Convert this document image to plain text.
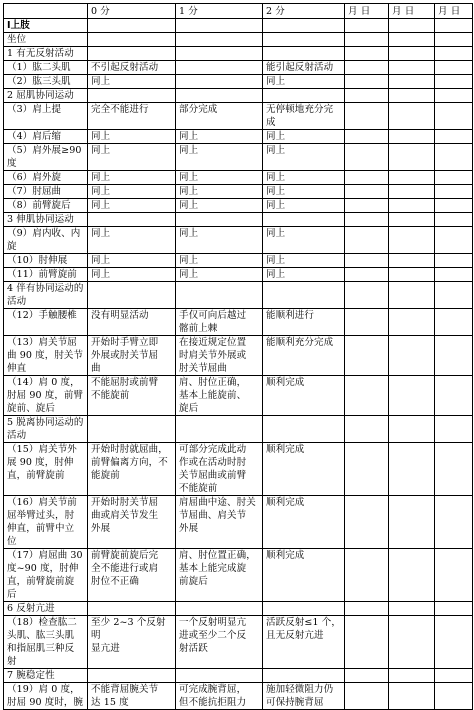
	0 分	1 分	2 分	月 日	月 日	月 日
Ⅰ上肢						
坐位						
1 有无反射活动						
（1）肱二头肌	不引起反射活动		能引起反射活动			
（2）肱三头肌	同上		同上			
2 屈肌协同运动						
（3）肩上提	完全不能进行	部分完成	无停顿地充分完
成			
（4）肩后缩	同上	同上	同上			
（5）肩外展≥90
度	同上	同上	同上			
（6）肩外旋	同上	同上	同上			
（7）肘屈曲	同上	同上	同上			
（8）前臂旋后	同上	同上	同上			
3 伸肌协同运动						
（9）肩内收、内
旋	同上	同上	同上			
（10）肘伸展	同上	同上	同上			
（11）前臂旋前	同上	同上	同上			
4 伴有协同运动的活动						
（12）手触腰椎	没有明显活动	手仅可向后越过
髂前上棘	能顺利进行			
（13）肩关节屈
曲 90 度，肘关节
伸直	开始时手臂立即
外展或肘关节屈
曲	在接近规定位置
时肩关节外展或
肘关节屈曲	能顺利充分完成			
（14）肩 0 度，
肘屈 90 度，前臂
旋前、旋后	不能屈肘或前臂
不能旋前	肩、肘位正确，
基本上能旋前、
旋后	顺利完成			
5 脱离协同运动的活动						
（15）肩关节外
展 90 度，肘伸
直，前臂旋前	开始时肘就屈曲，
前臂偏离方向，不
能旋前	可部分完成此动
作或在活动时肘
关节屈曲或前臂
不能旋前	顺利完成			
（16）肩关节前
屈举臂过头，肘
伸直，前臂中立
位	开始时肘关节屈
曲或肩关节发生
外展	肩屈曲中途、肘关
节屈曲、肩关节
外展	顺利完成			
（17）肩屈曲 30
度~90 度，肘伸
直，前臂旋前旋
后	前臂旋前旋后完
全不能进行或肩
肘位不正确	肩、肘位置正确，
基本上能完成旋
前旋后	顺利完成			
6 反射亢进						
（18）检查肱二
头肌、肱三头肌
和指屈肌三种反
射	至少 2~3 个反射明
显亢进	一个反射明显亢
进或至少二个反
射活跃	活跃反射≤1 个，
且无反射亢进			
7 腕稳定性						
（19）肩 0 度，
肘屈 90 度时，腕	不能背屈腕关节
达 15 度	可完成腕背屈，
但不能抗拒阻力	施加轻微阻力仍
可保持腕背屈			
